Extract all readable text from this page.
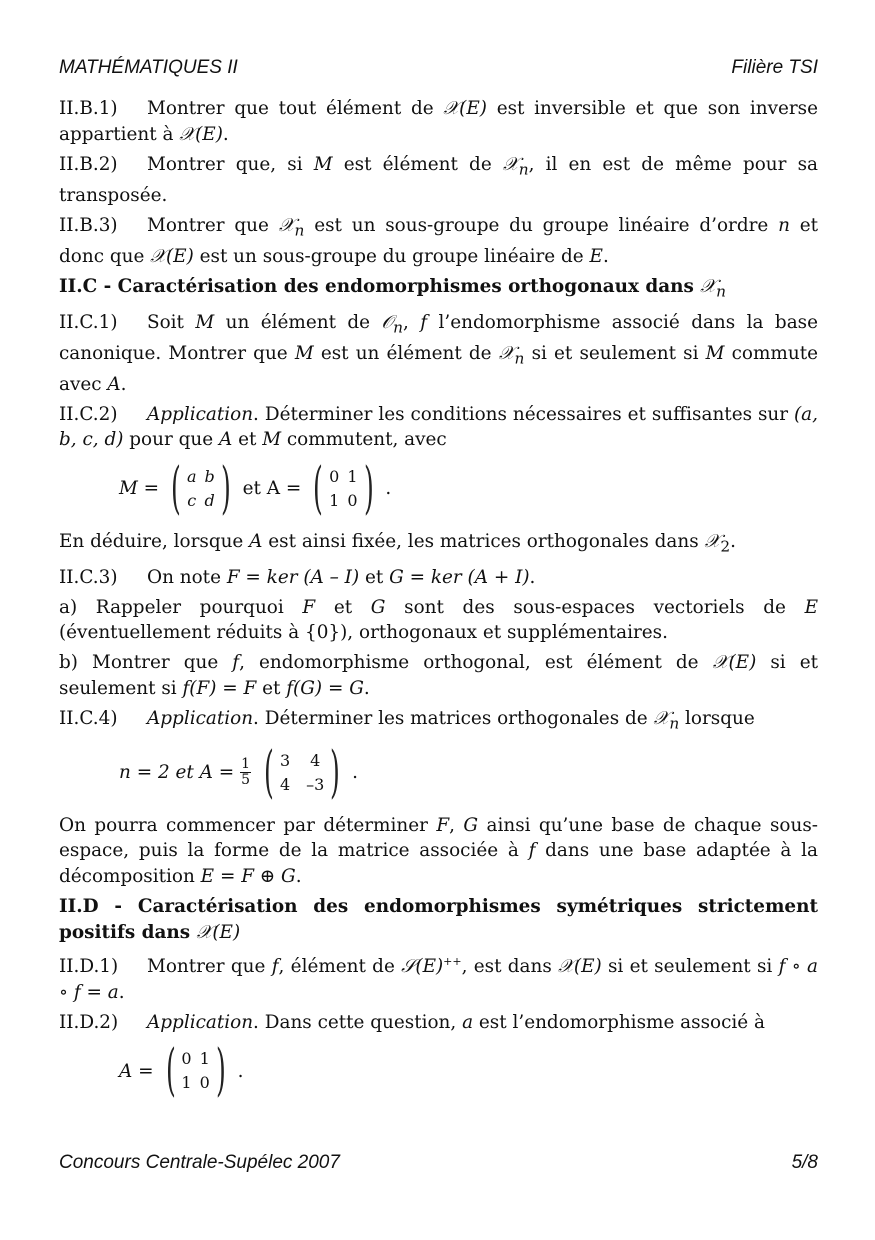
MATHÉMATIQUES II	Filière TSI

II.B.1) Montrer que tout élément de 𝒳(E) est inversible et que son inverse appartient à 𝒳(E).

II.B.2) Montrer que, si M est élément de 𝒳$_n$, il en est de même pour sa transposée.

II.B.3) Montrer que 𝒳$_n$ est un sous-groupe du groupe linéaire d’ordre n et donc que 𝒳(E) est un sous-groupe du groupe linéaire de E.

II.C - Caractérisation des endomorphismes orthogonaux dans 𝒳$_n$

II.C.1) Soit M un élément de 𝒪$_n$, f l’endomorphisme associé dans la base canonique. Montrer que M est un élément de 𝒳$_n$ si et seulement si M commute avec A.

II.C.2) Application. Déterminer les conditions nécessaires et suffisantes sur (a, b, c, d) pour que A et M commutent, avec

M = ( a b
c d ) et A = ( 0 1
1 0 ) .

En déduire, lorsque A est ainsi fixée, les matrices orthogonales dans 𝒳$_2$.

II.C.3) On note F = ker (A – I) et G = ker (A + I).

a) Rappeler pourquoi F et G sont des sous-espaces vectoriels de E (éventuellement réduits à {0}), orthogonaux et supplémentaires.

b) Montrer que f, endomorphisme orthogonal, est élément de 𝒳(E) si et seulement si f(F) = F et f(G) = G.

II.C.4) Application. Déterminer les matrices orthogonales de 𝒳$_n$ lorsque

n = 2 et $A = \frac{1}{5}$ ( 3 4
4 –3 ) .

On pourra commencer par déterminer F, G ainsi qu’une base de chaque sous-espace, puis la forme de la matrice associée à f dans une base adaptée à la décomposition E = F ⊕ G.

II.D - Caractérisation des endomorphismes symétriques strictement positifs dans 𝒳(E)

II.D.1) Montrer que f, élément de 𝒮(E)++, est dans 𝒳(E) si et seulement si f ∘ a ∘ f = a.

II.D.2) Application. Dans cette question, a est l’endomorphisme associé à

A = ( 0 1
1 0 ) .
Concours Centrale-Supélec 2007	5/8
